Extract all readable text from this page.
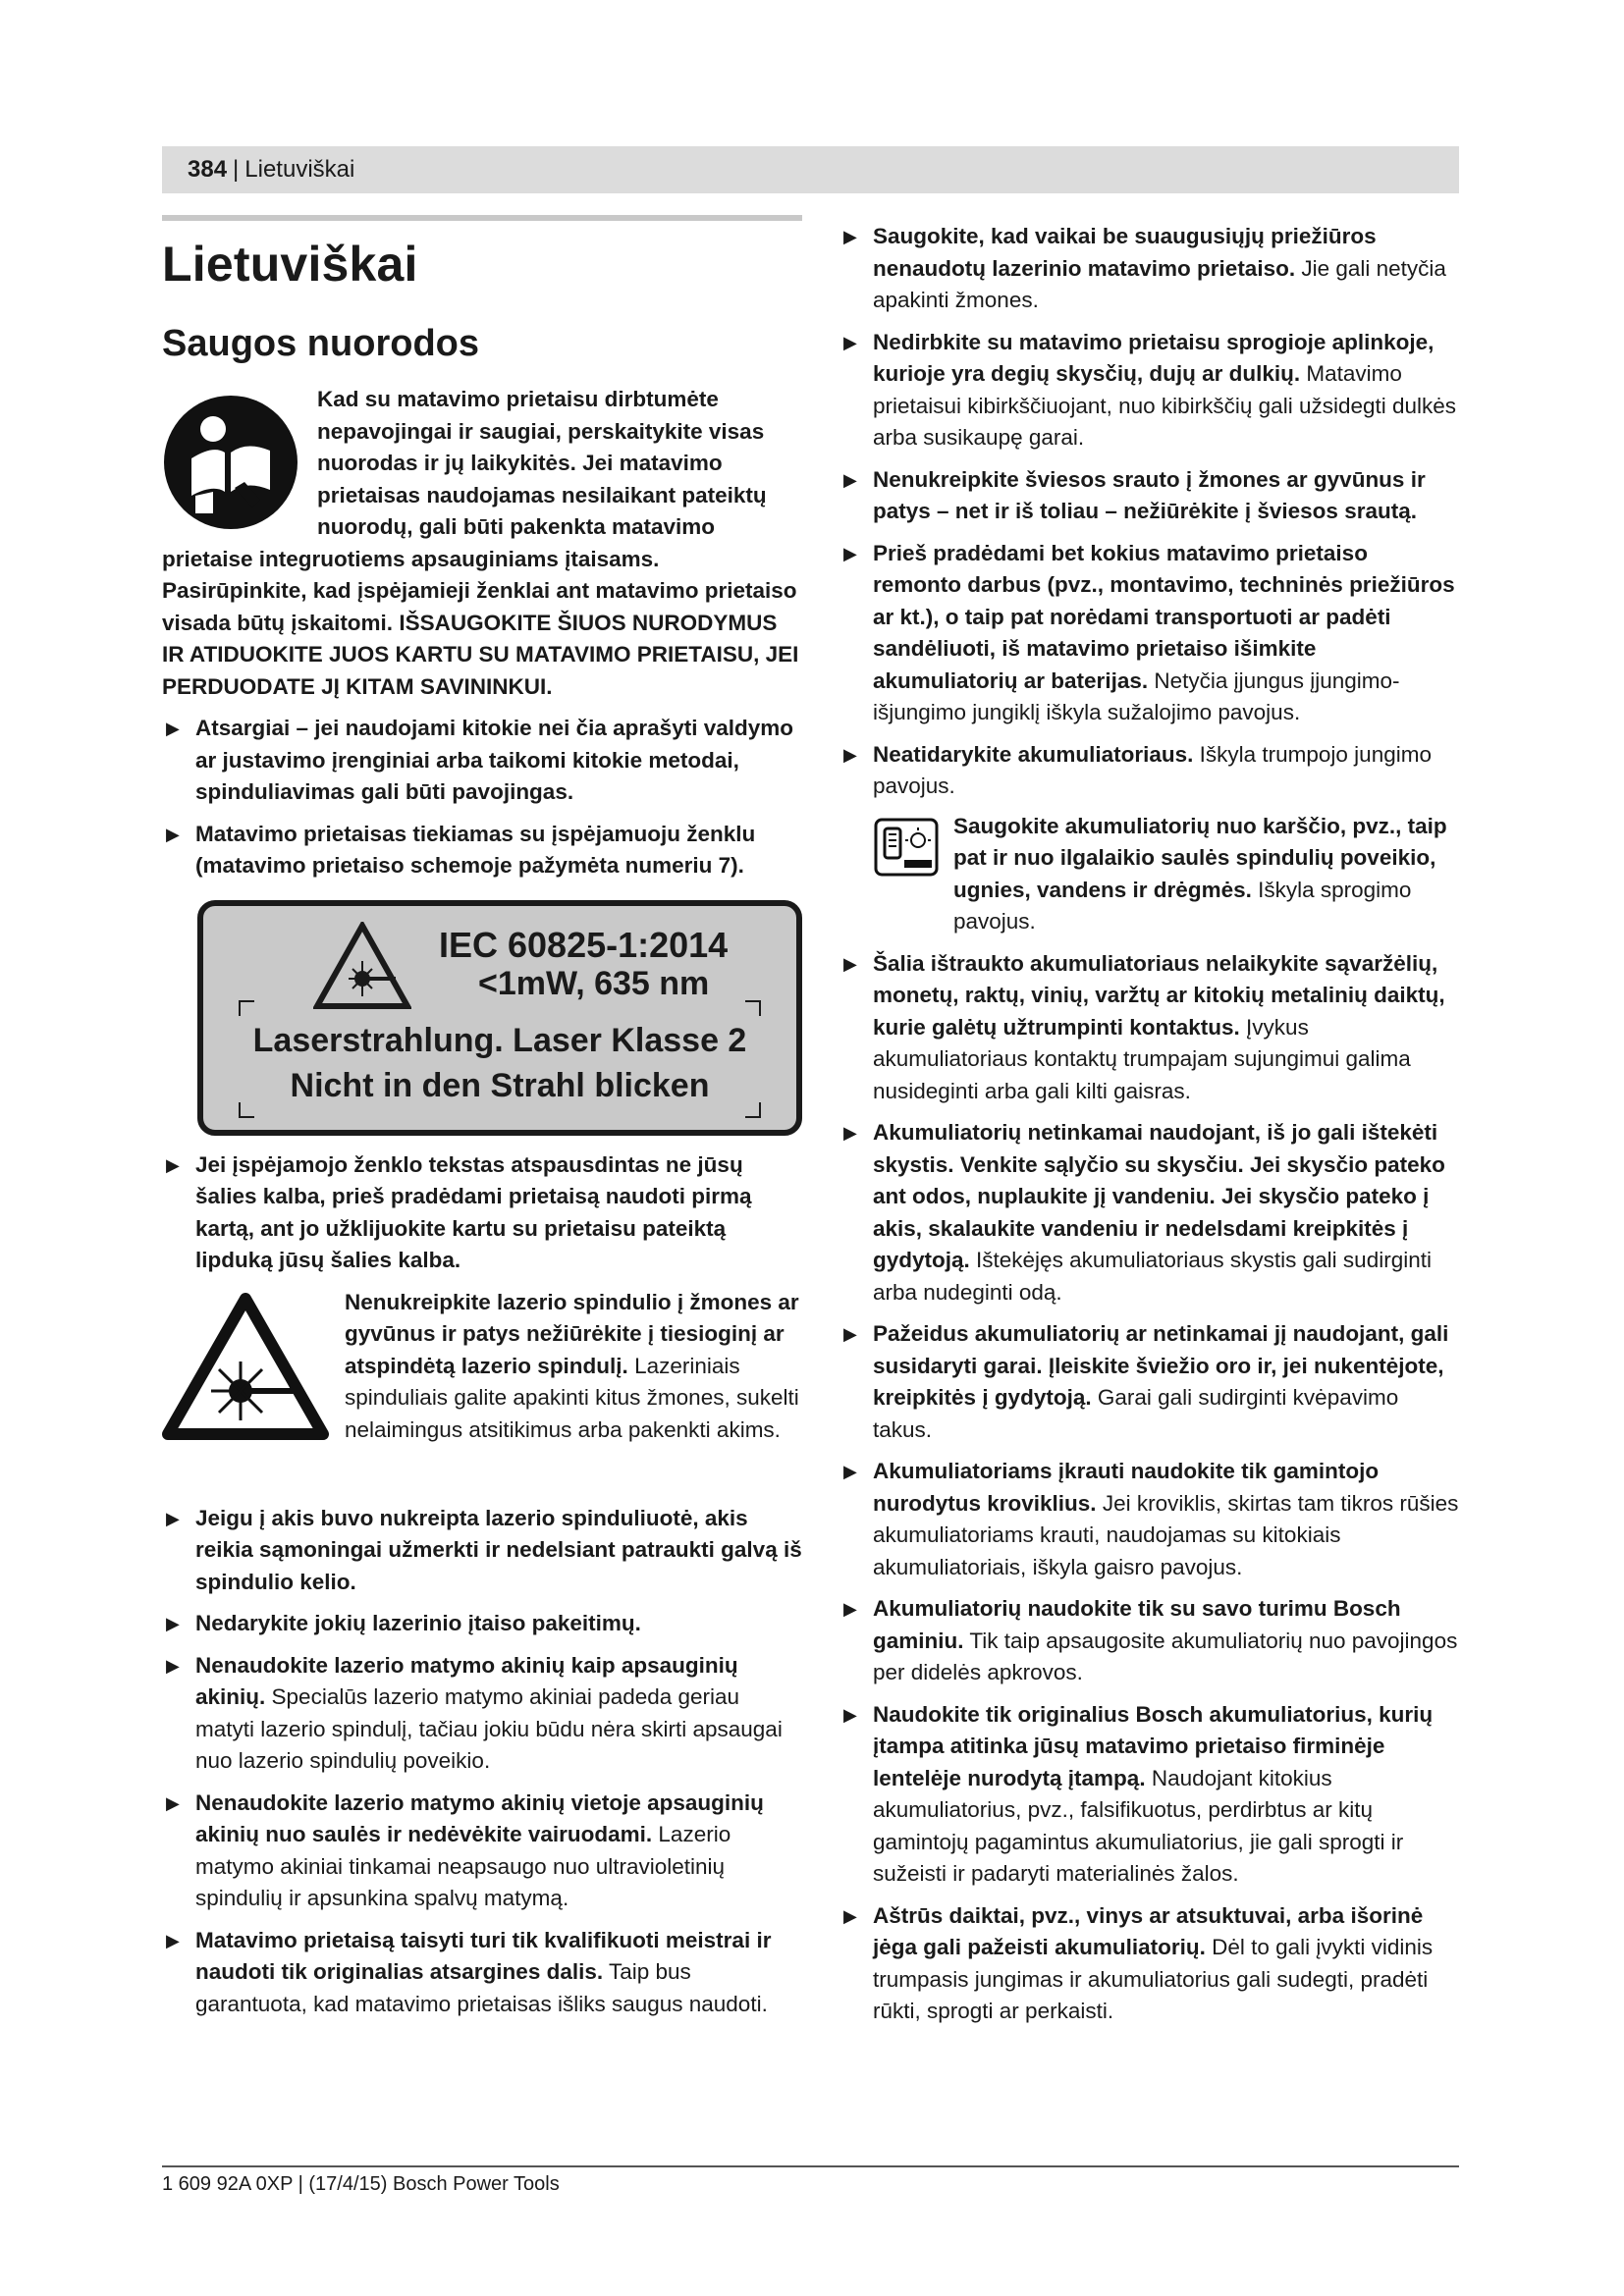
384 | Lietuviškai
Lietuviškai
Saugos nuorodos

Kad su matavimo prietaisu dirbtumėte nepavojingai ir saugiai, perskaitykite visas nuorodas ir jų laikykitės. Jei matavimo prietaisas naudojamas nesilaikant pateiktų nuorodų, gali būti pakenkta matavimo prietaise integruotiems apsauginiams įtaisams. Pasirūpinkite, kad įspėjamieji ženklai ant matavimo prietaiso visada būtų įskaitomi. IŠSAUGOKITE ŠIUOS NURODYMUS IR ATIDUOKITE JUOS KARTU SU MATAVIMO PRIETAISU, JEI PERDUODATE JĮ KITAM SAVININKUI.

▶ Atsargiai – jei naudojami kitokie nei čia aprašyti valdymo ar justavimo įrenginiai arba taikomi kitokie metodai, spinduliavimas gali būti pavojingas.

▶ Matavimo prietaisas tiekiamas su įspėjamuoju ženklu (matavimo prietaiso schemoje pažymėta numeriu 7).

IEC 60825-1:2014
<1mW, 635 nm
Laserstrahlung. Laser Klasse 2
Nicht in den Strahl blicken

▶ Jei įspėjamojo ženklo tekstas atspausdintas ne jūsų šalies kalba, prieš pradėdami prietaisą naudoti pirmą kartą, ant jo užklijuokite kartu su prietaisu pateiktą lipduką jūsų šalies kalba.

Nenukreipkite lazerio spindulio į žmones ar gyvūnus ir patys nežiūrėkite į tiesioginį ar atspindėtą lazerio spindulį. Lazeriniais spinduliais galite apakinti kitus žmones, sukelti nelaimingus atsitikimus arba pakenkti akims.

▶ Jeigu į akis buvo nukreipta lazerio spinduliuotė, akis reikia sąmoningai užmerkti ir nedelsiant patraukti galvą iš spindulio kelio.

▶ Nedarykite jokių lazerinio įtaiso pakeitimų.

▶ Nenaudokite lazerio matymo akinių kaip apsauginių akinių. Specialūs lazerio matymo akiniai padeda geriau matyti lazerio spindulį, tačiau jokiu būdu nėra skirti apsaugai nuo lazerio spindulių poveikio.

▶ Nenaudokite lazerio matymo akinių vietoje apsauginių akinių nuo saulės ir nedėvėkite vairuodami. Lazerio matymo akiniai tinkamai neapsaugo nuo ultravioletinių spindulių ir apsunkina spalvų matymą.

▶ Matavimo prietaisą taisyti turi tik kvalifikuoti meistrai ir naudoti tik originalias atsargines dalis. Taip bus garantuota, kad matavimo prietaisas išliks saugus naudoti.

▶ Saugokite, kad vaikai be suaugusiųjų priežiūros nenaudotų lazerinio matavimo prietaiso. Jie gali netyčia apakinti žmones.

▶ Nedirbkite su matavimo prietaisu sprogioje aplinkoje, kurioje yra degių skysčių, dujų ar dulkių. Matavimo prietaisui kibirkščiuojant, nuo kibirkščių gali užsidegti dulkės arba susikaupę garai.

▶ Nenukreipkite šviesos srauto į žmones ar gyvūnus ir patys – net ir iš toliau – nežiūrėkite į šviesos srautą.

▶ Prieš pradėdami bet kokius matavimo prietaiso remonto darbus (pvz., montavimo, techninės priežiūros ar kt.), o taip pat norėdami transportuoti ar padėti sandėliuoti, iš matavimo prietaiso išimkite akumuliatorių ar baterijas. Netyčia įjungus įjungimo-išjungimo jungiklį iškyla sužalojimo pavojus.

▶ Neatidarykite akumuliatoriaus. Iškyla trumpojo jungimo pavojus.

Saugokite akumuliatorių nuo karščio, pvz., taip pat ir nuo ilgalaikio saulės spindulių poveikio, ugnies, vandens ir drėgmės. Iškyla sprogimo pavojus.

▶ Šalia ištraukto akumuliatoriaus nelaikykite sąvaržėlių, monetų, raktų, vinių, varžtų ar kitokių metalinių daiktų, kurie galėtų užtrumpinti kontaktus. Įvykus akumuliatoriaus kontaktų trumpajam sujungimui galima nusideginti arba gali kilti gaisras.

▶ Akumuliatorių netinkamai naudojant, iš jo gali ištekėti skystis. Venkite sąlyčio su skysčiu. Jei skysčio pateko ant odos, nuplaukite jį vandeniu. Jei skysčio pateko į akis, skalaukite vandeniu ir nedelsdami kreipkitės į gydytoją. Ištekėjęs akumuliatoriaus skystis gali sudirginti arba nudeginti odą.

▶ Pažeidus akumuliatorių ar netinkamai jį naudojant, gali susidaryti garai. Įleiskite šviežio oro ir, jei nukentėjote, kreipkitės į gydytoją. Garai gali sudirginti kvėpavimo takus.

▶ Akumuliatoriams įkrauti naudokite tik gamintojo nurodytus kroviklius. Jei kroviklis, skirtas tam tikros rūšies akumuliatoriams krauti, naudojamas su kitokiais akumuliatoriais, iškyla gaisro pavojus.

▶ Akumuliatorių naudokite tik su savo turimu Bosch gaminiu. Tik taip apsaugosite akumuliatorių nuo pavojingos per didelės apkrovos.

▶ Naudokite tik originalius Bosch akumuliatorius, kurių įtampa atitinka jūsų matavimo prietaiso firminėje lentelėje nurodytą įtampą. Naudojant kitokius akumuliatorius, pvz., falsifikuotus, perdirbtus ar kitų gamintojų pagamintus akumuliatorius, jie gali sprogti ir sužeisti ir padaryti materialinės žalos.

▶ Aštrūs daiktai, pvz., vinys ar atsuktuvai, arba išorinė jėga gali pažeisti akumuliatorių. Dėl to gali įvykti vidinis trumpasis jungimas ir akumuliatorius gali sudegti, pradėti rūkti, sprogti ar perkaisti.

1 609 92A 0XP | (17/4/15) Bosch Power Tools
